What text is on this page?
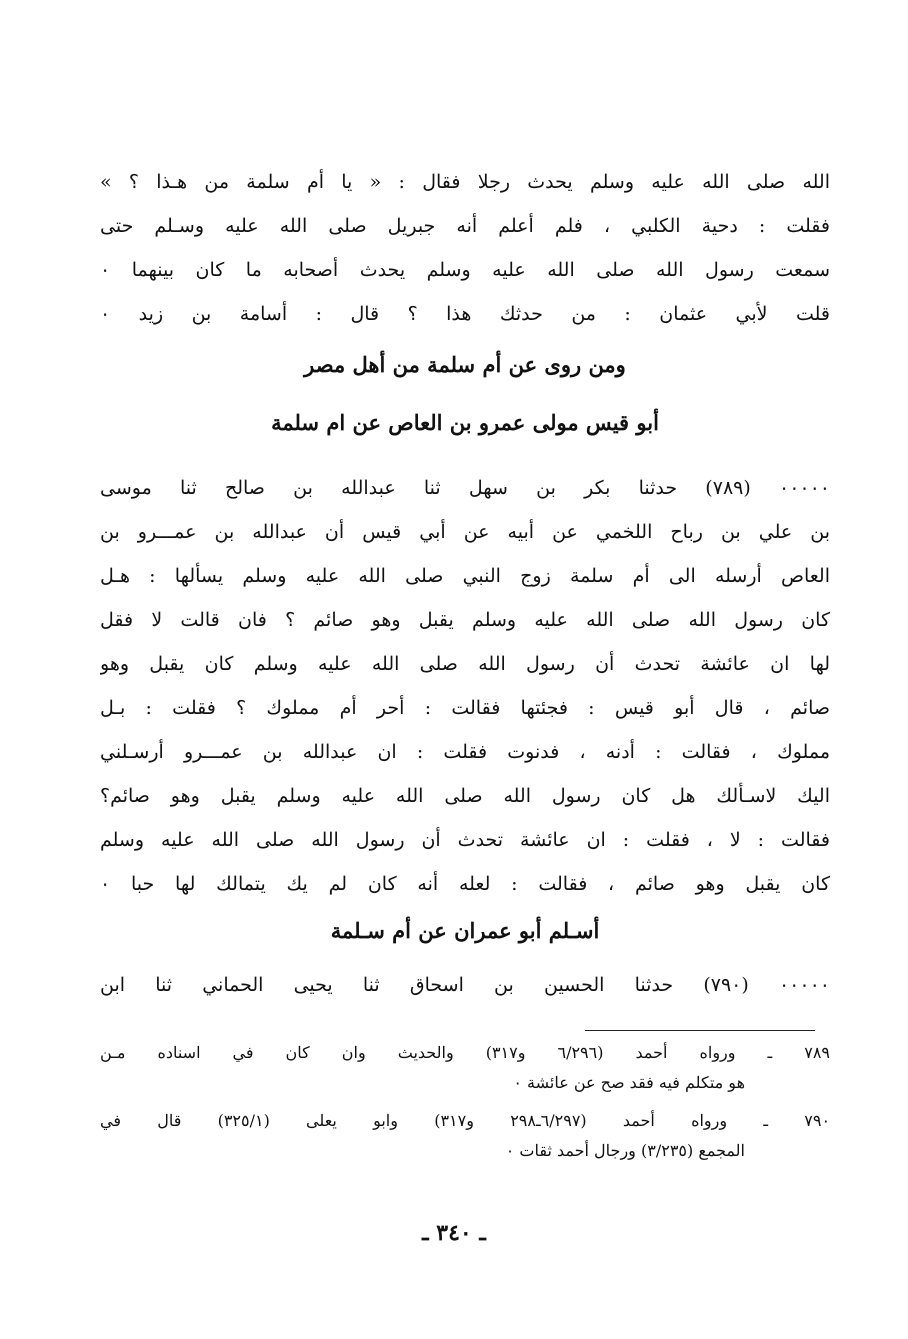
الله صلى الله عليه وسلم يحدث رجلا فقال : « يا أم سلمة من هـذا ؟ »
فقلت : دحية الكلبي ، فلم أعلم أنه جبريل صلى الله عليه وسـلم حتى
سمعت رسول الله صلى الله عليه وسلم يحدث أصحابه ما كان بينهما ٠
قلت لأبي عثمان : من حدثك هذا ؟ قال : أسامة بن زيد ٠
ومن روى عن أم سلمة من أهل مصر
أبو قيس مولى عمرو بن العاص عن ام سلمة
٠٠٠٠٠ (٧٨٩) حدثنا بكر بن سهل ثنا عبدالله بن صالح ثنا موسى
بن علي بن رباح اللخمي عن أبيه عن أبي قيس أن عبدالله بن عمـــرو بن
العاص أرسله الى أم سلمة زوج النبي صلى الله عليه وسلم يسألها : هـل
كان رسول الله صلى الله عليه وسلم يقبل وهو صائم ؟ فان قالت لا فقل
لها ان عائشة تحدث أن رسول الله صلى الله عليه وسلم كان يقبل وهو
صائم ، قال أبو قيس : فجئتها فقالت : أحر أم مملوك ؟ فقلت : بـل
مملوك ، فقالت : أدنه ، فدنوت فقلت : ان عبدالله بن عمـــرو أرسـلني
اليك لاسـألك هل كان رسول الله صلى الله عليه وسلم يقبل وهو صائم؟
فقالت : لا ، فقلت : ان عائشة تحدث أن رسول الله صلى الله عليه وسلم
كان يقبل وهو صائم ، فقالت : لعله أنه كان لم يك يتمالك لها حبا ٠
أسـلم أبو عمران عن أم سـلمة
٠٠٠٠٠ (٧٩٠) حدثنا الحسين بن اسحاق ثنا يحيى الحماني ثنا ابن
٧٨٩ ـ ورواه أحمد (٦/٢٩٦ و٣١٧) والحديث وان كان في اسناده مـن
هو متكلم فيه فقد صح عن عائشة ٠
٧٩٠ ـ ورواه أحمد (٦/٢٩٧ـ٢٩٨ و٣١٧) وابو يعلى (٣٢٥/١) قال في
المجمع (٣/٢٣٥) ورجال أحمد ثقات ٠
ـ ٣٤٠ ـ
